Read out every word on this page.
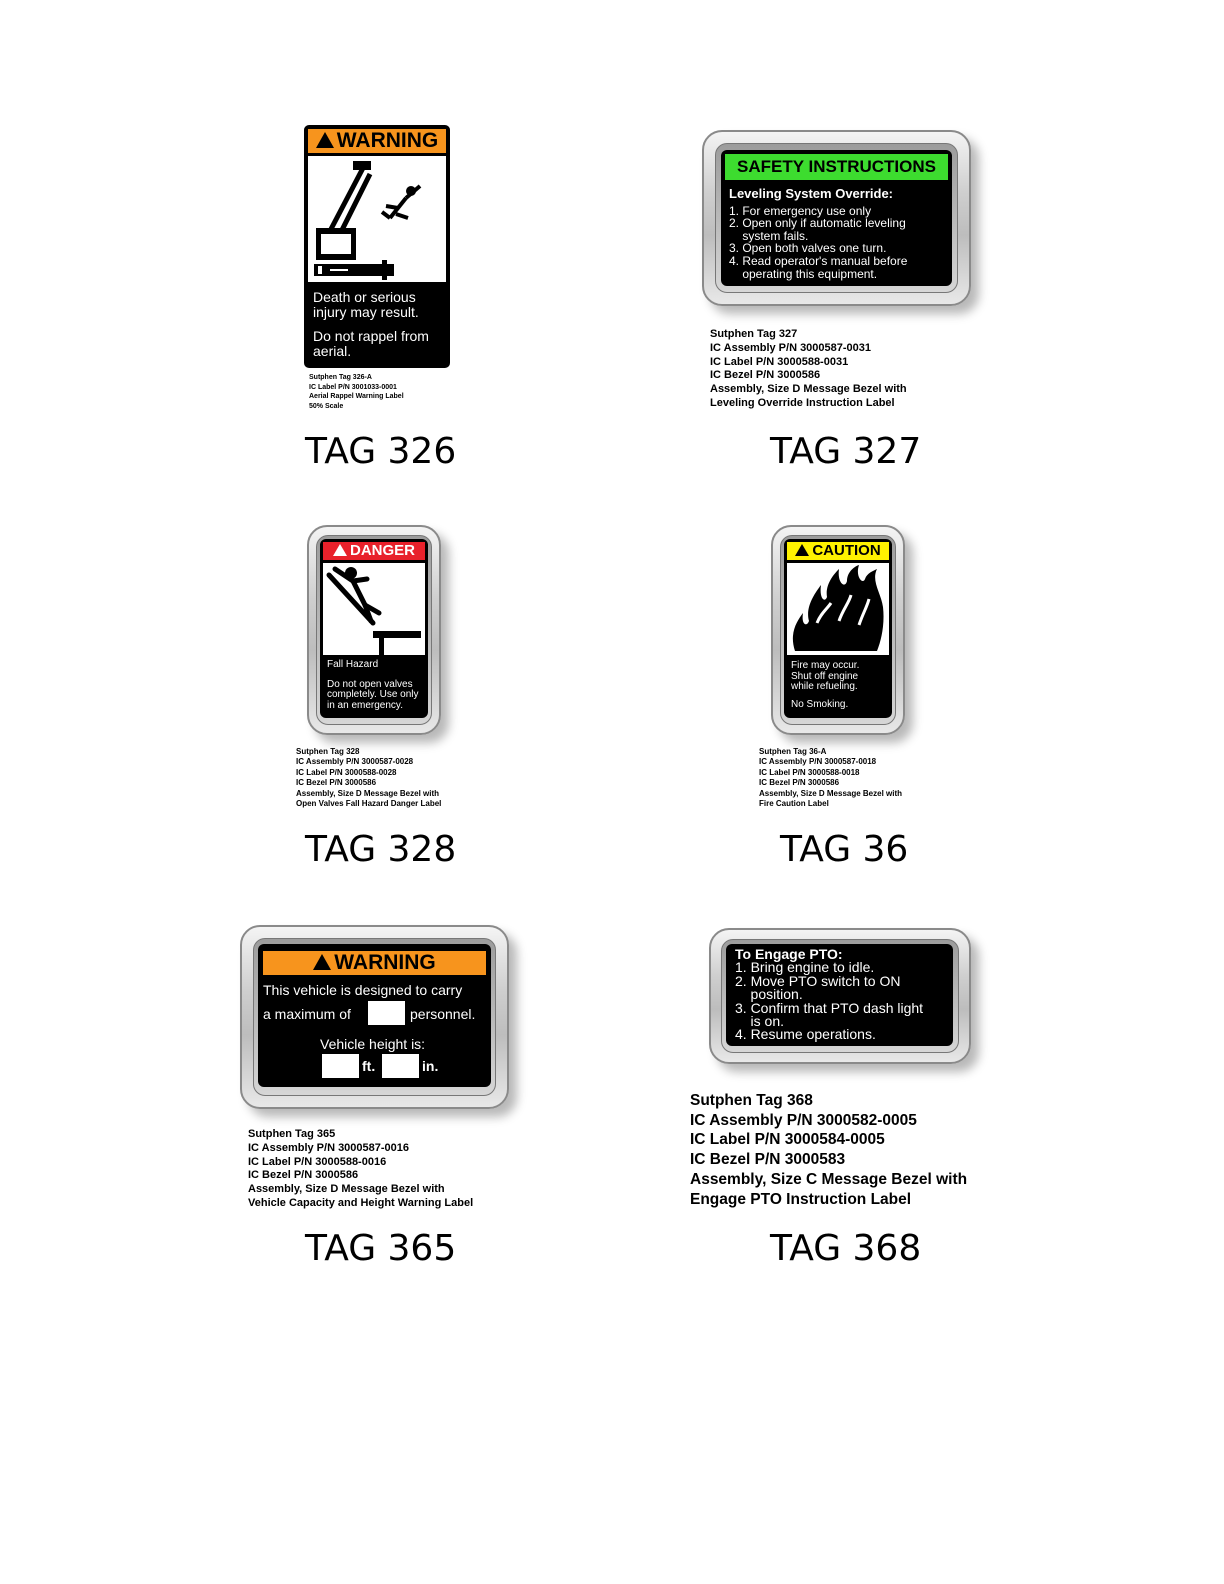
WARNING
Death or serious
injury may result.
Do not rappel from
aerial.
Sutphen Tag 326-A
IC Label P/N 3001033-0001
Aerial Rappel Warning Label
50% Scale
TAG 326
SAFETY INSTRUCTIONS
Leveling System Override:
1. For emergency use only
2. Open only if automatic leveling
system fails.
3. Open both valves one turn.
4. Read operator's manual before
operating this equipment.
Sutphen Tag 327
IC Assembly P/N 3000587-0031
IC Label P/N 3000588-0031
IC Bezel P/N 3000586
Assembly, Size D Message Bezel with
Leveling Override Instruction Label
TAG 327
DANGER
Fall Hazard
Do not open valves
completely. Use only
in an emergency.
Sutphen Tag 328
IC Assembly P/N 3000587-0028
IC Label P/N 3000588-0028
IC Bezel P/N 3000586
Assembly, Size D Message Bezel with
Open Valves Fall Hazard Danger Label
TAG 328
CAUTION
Fire may occur.
Shut off engine
while refueling.
No Smoking.
Sutphen Tag 36-A
IC Assembly P/N 3000587-0018
IC Label P/N 3000588-0018
IC Bezel P/N 3000586
Assembly, Size D Message Bezel with
Fire Caution Label
TAG 36
WARNING
This vehicle is designed to carry
a maximum of	personnel.
Vehicle height is:
ft.	in.
Sutphen Tag 365
IC Assembly P/N 3000587-0016
IC Label P/N 3000588-0016
IC Bezel P/N 3000586
Assembly, Size D Message Bezel with
Vehicle Capacity and Height Warning Label
TAG 365
To Engage PTO:
1. Bring engine to idle.
2. Move PTO switch to ON
position.
3. Confirm that PTO dash light
is on.
4. Resume operations.
Sutphen Tag 368
IC Assembly P/N 3000582-0005
IC Label P/N 3000584-0005
IC Bezel P/N 3000583
Assembly, Size C Message Bezel with
Engage PTO Instruction Label
TAG 368
